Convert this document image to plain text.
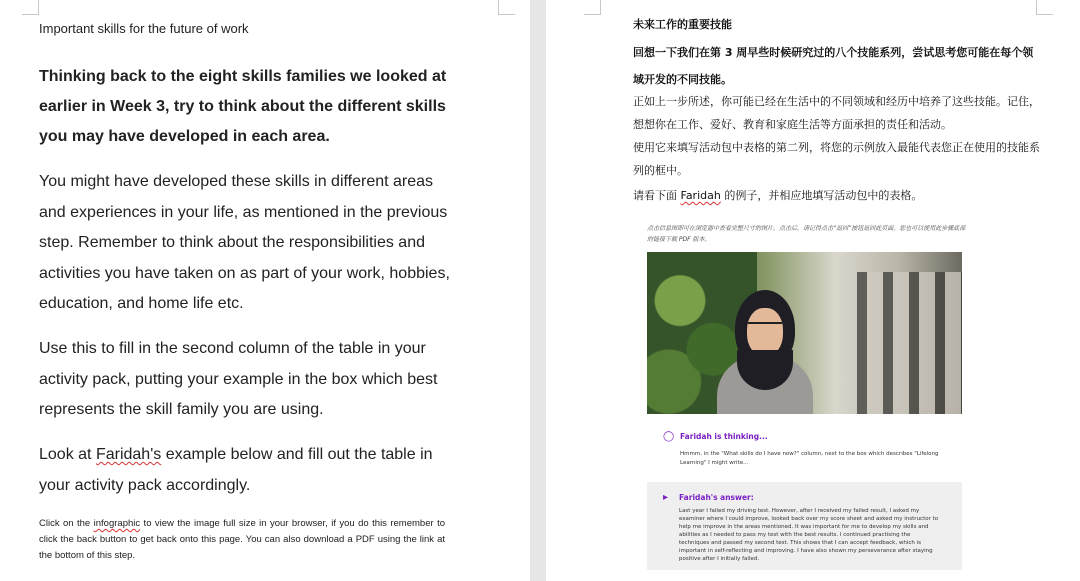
Important skills for the future of work
Thinking back to the eight skills families we looked at earlier in Week 3, try to think about the different skills you may have developed in each area.
You might have developed these skills in different areas and experiences in your life, as mentioned in the previous step. Remember to think about the responsibilities and activities you have taken on as part of your work, hobbies, education, and home life etc.
Use this to fill in the second column of the table in your activity pack, putting your example in the box which best represents the skill family you are using.
Look at Faridah's example below and fill out the table in your activity pack accordingly.
Click on the infographic to view the image full size in your browser, if you do this remember to click the back button to get back onto this page. You can also download a PDF using the link at the bottom of this step.
未来工作的重要技能
回想一下我们在第 3 周早些时候研究过的八个技能系列，尝试思考您可能在每个领域开发的不同技能。
正如上一步所述，你可能已经在生活中的不同领域和经历中培养了这些技能。记住，想想你在工作、爱好、教育和家庭生活等方面承担的责任和活动。
使用它来填写活动包中表格的第二列，将您的示例放入最能代表您正在使用的技能系列的框中。
请看下面 Faridah 的例子，并相应地填写活动包中的表格。
点击信息图即可在浏览器中查看完整尺寸的图片。点击后，请记得点击“返回”按钮返回此页面。您也可以使用此步骤底部的链接下载 PDF 版本。
◯ Faridah is thinking...
Hmmm, in the "What skills do I have now?" column, next to the box which describes "Lifelong Learning" I might write...
▸ Faridah's answer:
Last year I failed my driving test. However, after I received my failed result, I asked my examiner where I could improve, looked back over my score sheet and asked my instructor to help me improve in the areas mentioned. It was important for me to develop my skills and abilities as I needed to pass my test with the best results. I continued practising the techniques and passed my second test. This shows that I can accept feedback, which is important in self-reflecting and improving. I have also shown my perseverance after staying positive after I initially failed.
